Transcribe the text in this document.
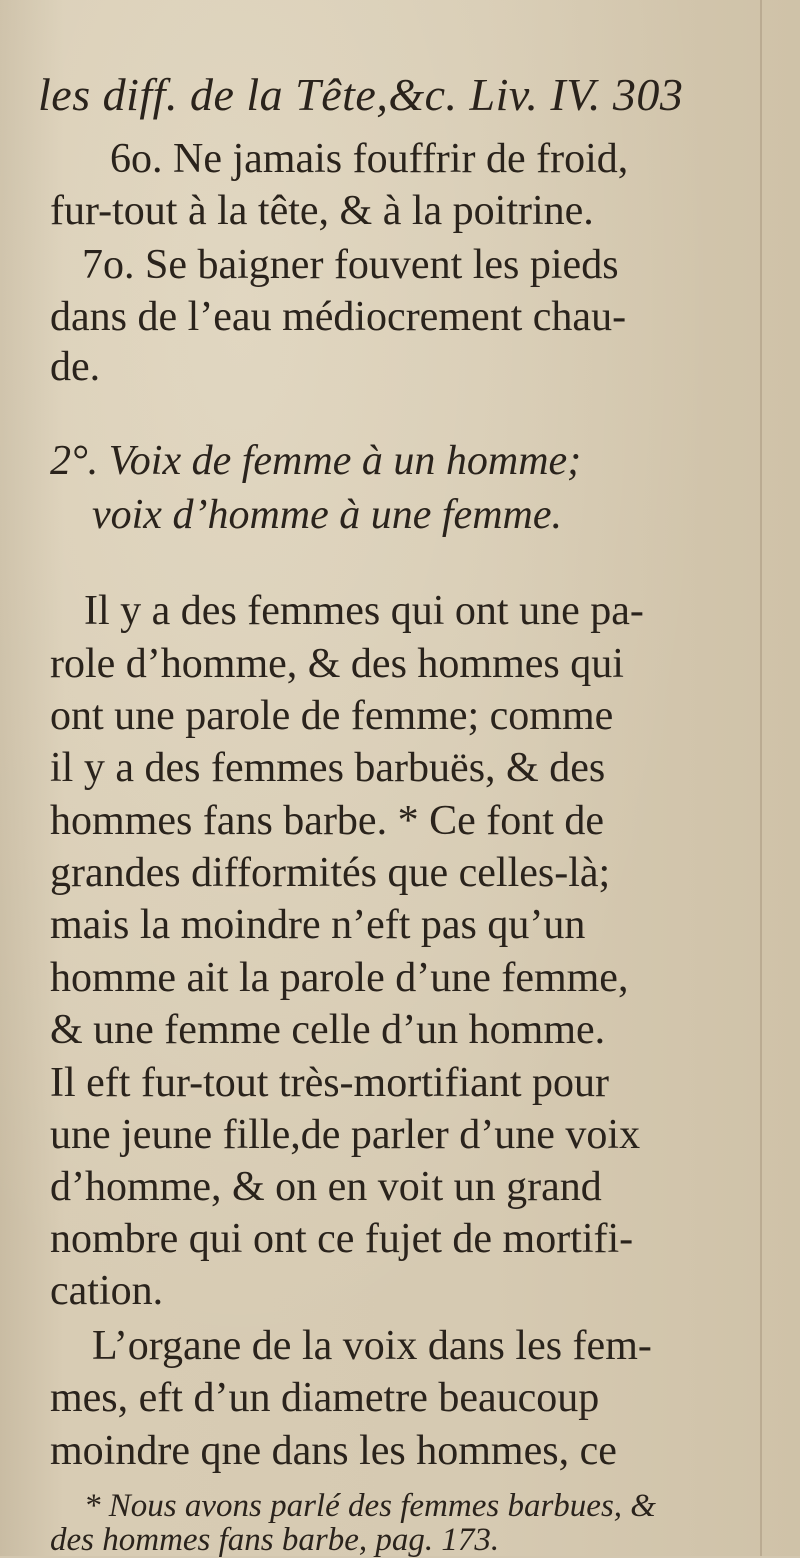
les diff. de la Tête,&c. Liv. IV. 303
6o. Ne jamais fouffrir de froid,
fur-tout à la tête, & à la poitrine.
7o. Se baigner fouvent les pieds
dans de l’eau médiocrement chau-
de.
2°. Voix de femme à un homme;
voix d’homme à une femme.
Il y a des femmes qui ont une pa-
role d’homme, & des hommes qui
ont une parole de femme; comme
il y a des femmes barbuës, & des
hommes fans barbe. * Ce font de
grandes difformités que celles-là;
mais la moindre n’eft pas qu’un
homme ait la parole d’une femme,
& une femme celle d’un homme.
Il eft fur-tout très-mortifiant pour
une jeune fille,de parler d’une voix
d’homme, & on en voit un grand
nombre qui ont ce fujet de mortifi-
cation.
L’organe de la voix dans les fem-
mes, eft d’un diametre beaucoup
moindre qne dans les hommes, ce
* Nous avons parlé des femmes barbues, &
des hommes fans barbe, pag. 173.
